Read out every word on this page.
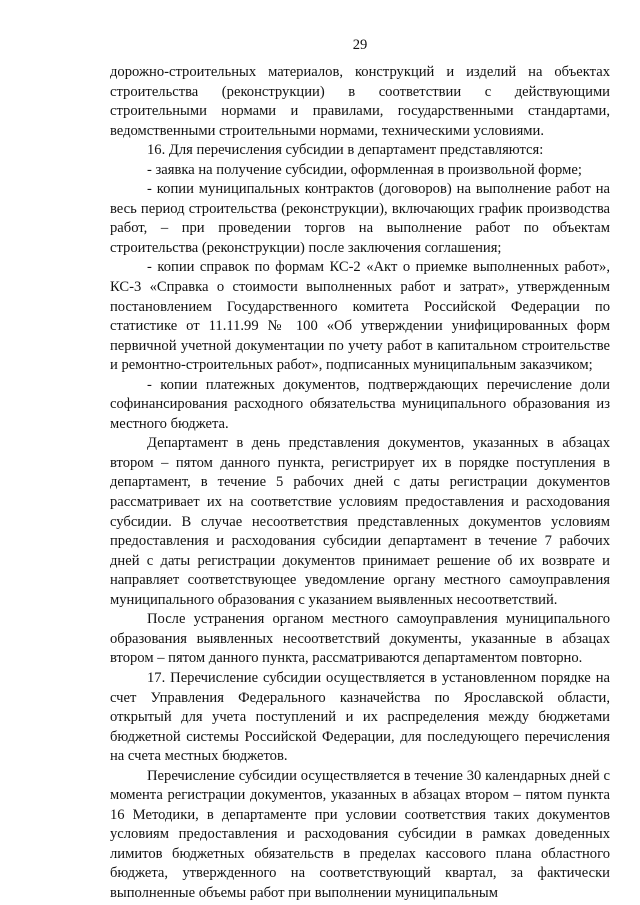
29

дорожно-строительных материалов, конструкций и изделий на объектах строительства (реконструкции) в соответствии с действующими строительными нормами и правилами, государственными стандартами, ведомственными строительными нормами, техническими условиями.

16. Для перечисления субсидии в департамент представляются:

- заявка на получение субсидии, оформленная в произвольной форме;

- копии муниципальных контрактов (договоров) на выполнение работ на весь период строительства (реконструкции), включающих график производства работ, – при проведении торгов на выполнение работ по объектам строительства (реконструкции) после заключения соглашения;

- копии справок по формам КС-2 «Акт о приемке выполненных работ», КС-3 «Справка о стоимости выполненных работ и затрат», утвержденным постановлением Государственного комитета Российской Федерации по статистике от 11.11.99 № 100 «Об утверждении унифицированных форм первичной учетной документации по учету работ в капитальном строительстве и ремонтно-строительных работ», подписанных муниципальным заказчиком;

- копии платежных документов, подтверждающих перечисление доли софинансирования расходного обязательства муниципального образования из местного бюджета.

Департамент в день представления документов, указанных в абзацах втором – пятом данного пункта, регистрирует их в порядке поступления в департамент, в течение 5 рабочих дней с даты регистрации документов рассматривает их на соответствие условиям предоставления и расходования субсидии. В случае несоответствия представленных документов условиям предоставления и расходования субсидии департамент в течение 7 рабочих дней с даты регистрации документов принимает решение об их возврате и направляет соответствующее уведомление органу местного самоуправления муниципального образования с указанием выявленных несоответствий.

После устранения органом местного самоуправления муниципального образования выявленных несоответствий документы, указанные в абзацах втором – пятом данного пункта, рассматриваются департаментом повторно.

17. Перечисление субсидии осуществляется в установленном порядке на счет Управления Федерального казначейства по Ярославской области, открытый для учета поступлений и их распределения между бюджетами бюджетной системы Российской Федерации, для последующего перечисления на счета местных бюджетов.

Перечисление субсидии осуществляется в течение 30 календарных дней с момента регистрации документов, указанных в абзацах втором – пятом пункта 16 Методики, в департаменте при условии соответствия таких документов условиям предоставления и расходования субсидии в рамках доведенных лимитов бюджетных обязательств в пределах кассового плана областного бюджета, утвержденного на соответствующий квартал, за фактически выполненные объемы работ при выполнении муниципальным
